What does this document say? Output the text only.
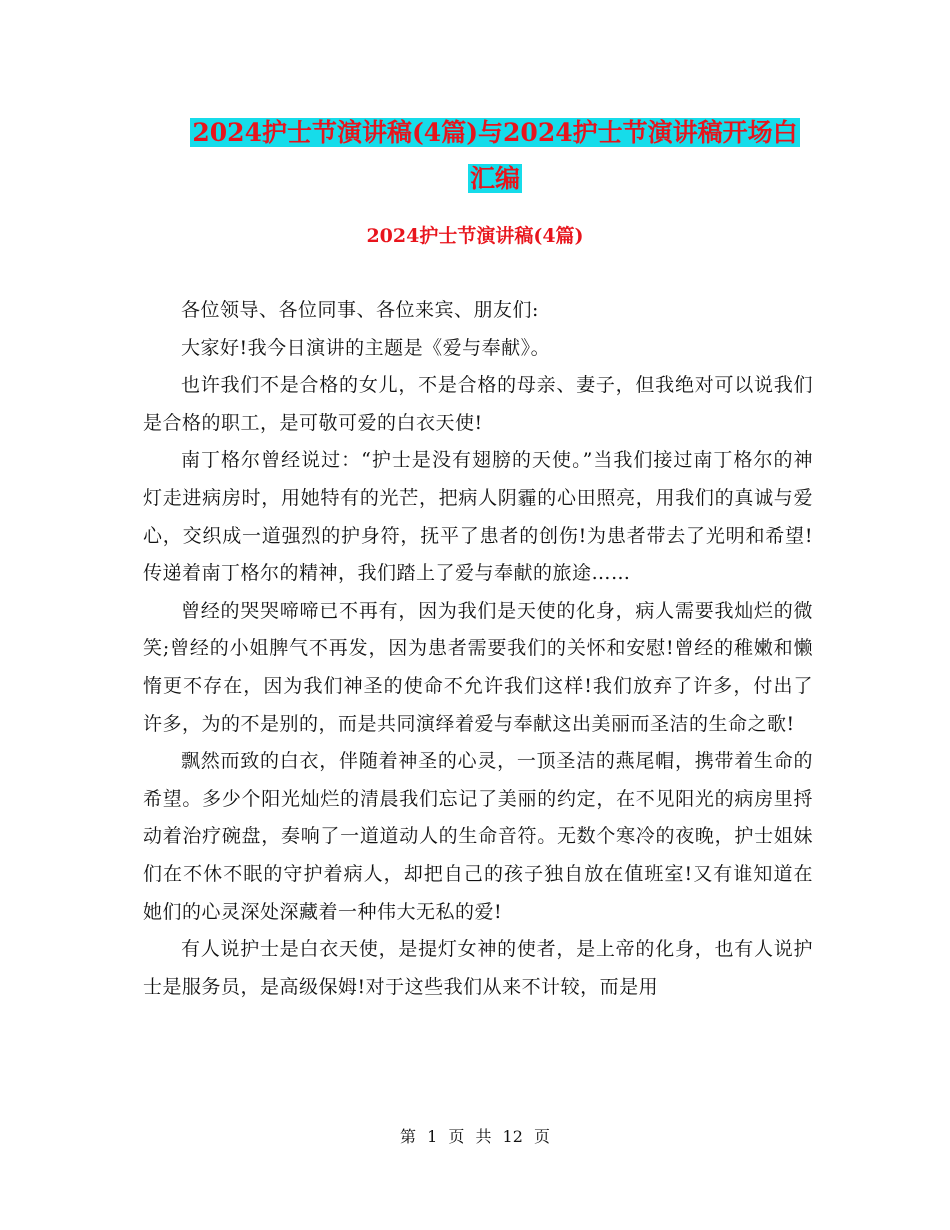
2024护士节演讲稿(4篇)与2024护士节演讲稿开场白
汇编
2024护士节演讲稿(4篇)

各位领导、各位同事、各位来宾、朋友们:

大家好!我今日演讲的主题是《爱与奉献》。

也许我们不是合格的女儿，不是合格的母亲、妻子，但我绝对可以说我们是合格的职工，是可敬可爱的白衣天使!

南丁格尔曾经说过：“护士是没有翅膀的天使。”当我们接过南丁格尔的神灯走进病房时，用她特有的光芒，把病人阴霾的心田照亮，用我们的真诚与爱心，交织成一道强烈的护身符，抚平了患者的创伤!为患者带去了光明和希望!传递着南丁格尔的精神，我们踏上了爱与奉献的旅途……

曾经的哭哭啼啼已不再有，因为我们是天使的化身，病人需要我灿烂的微笑;曾经的小姐脾气不再发，因为患者需要我们的关怀和安慰!曾经的稚嫩和懒惰更不存在，因为我们神圣的使命不允许我们这样!我们放弃了许多，付出了许多，为的不是别的，而是共同演绎着爱与奉献这出美丽而圣洁的生命之歌!

飘然而致的白衣，伴随着神圣的心灵，一顶圣洁的燕尾帽，携带着生命的希望。多少个阳光灿烂的清晨我们忘记了美丽的约定，在不见阳光的病房里捋动着治疗碗盘，奏响了一道道动人的生命音符。无数个寒冷的夜晚，护士姐妹们在不休不眠的守护着病人，却把自己的孩子独自放在值班室!又有谁知道在她们的心灵深处深藏着一种伟大无私的爱!

有人说护士是白衣天使，是提灯女神的使者，是上帝的化身，也有人说护士是服务员，是高级保姆!对于这些我们从来不计较，而是用

第 1 页 共 12 页
